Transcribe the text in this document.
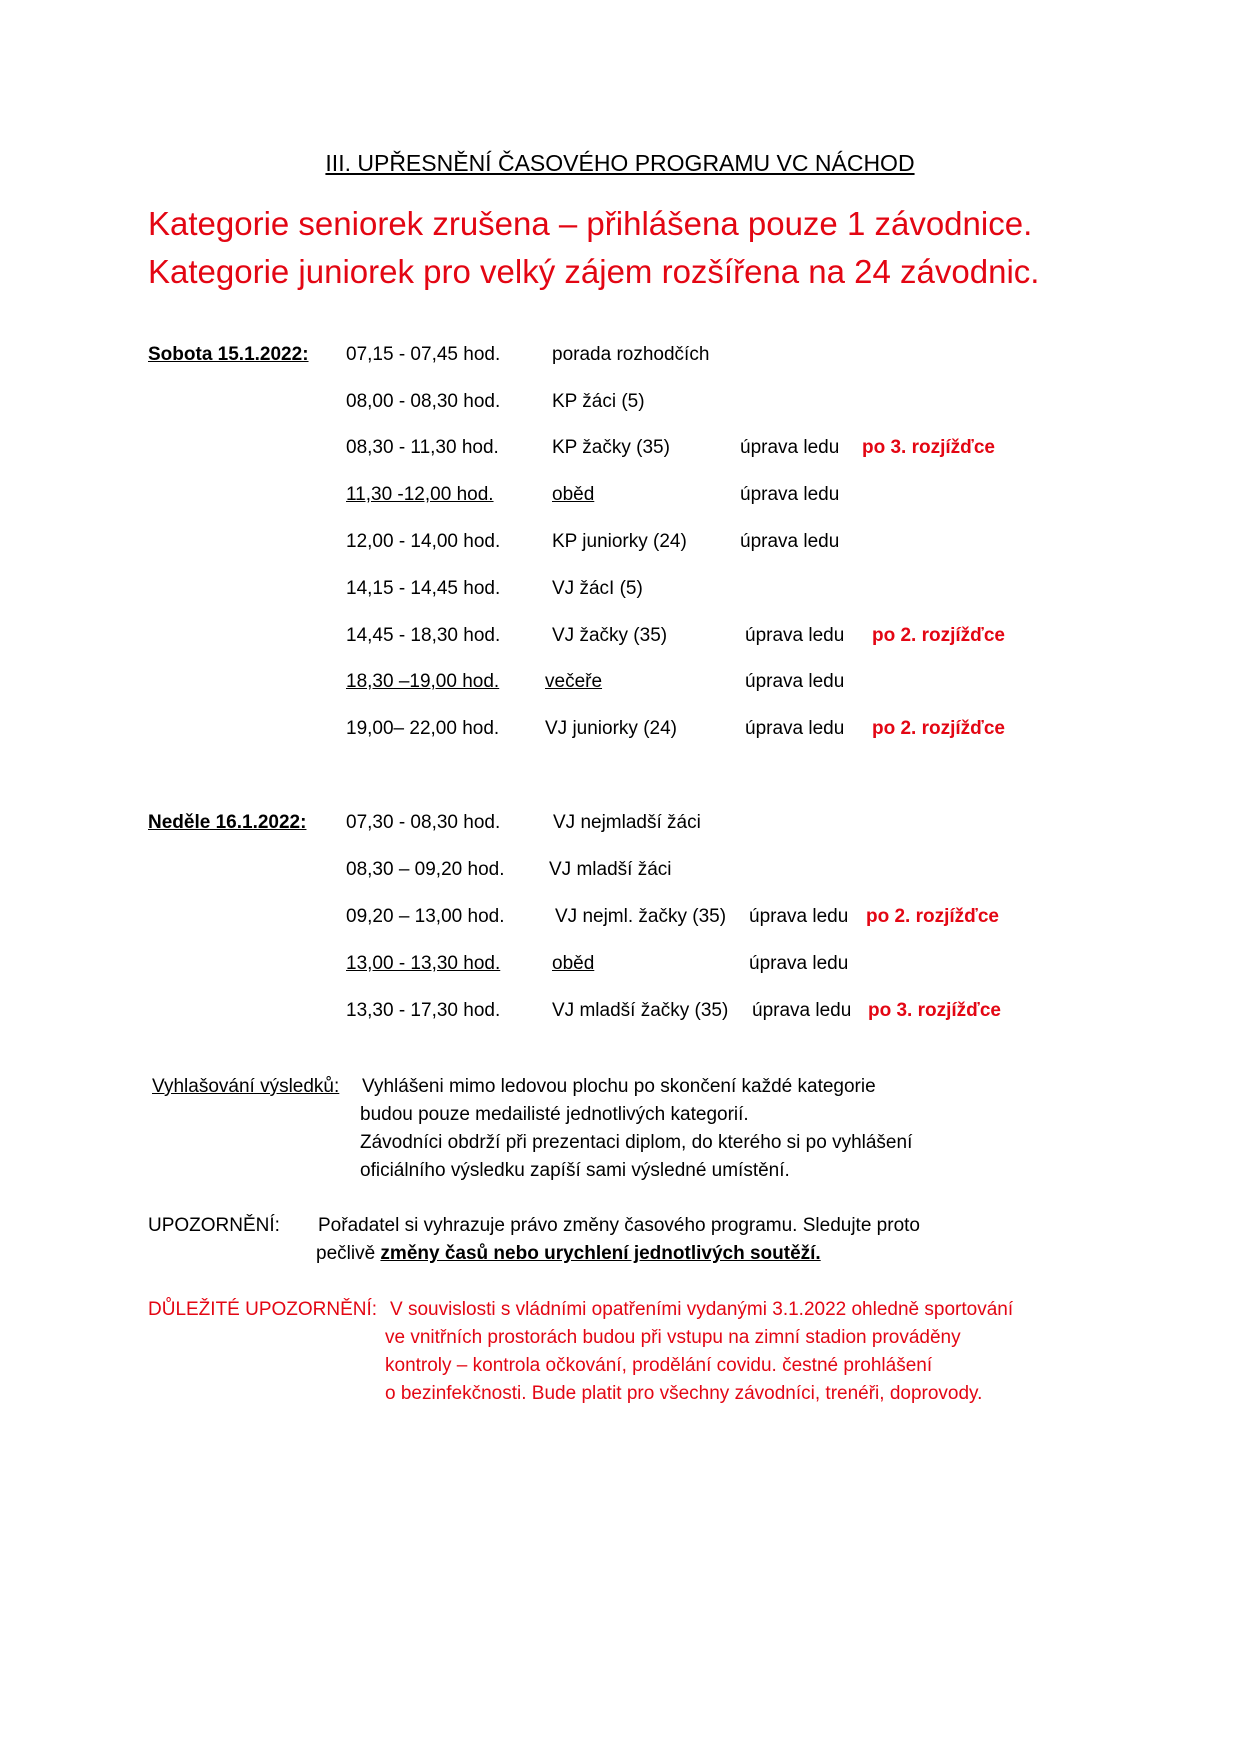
III. UPŘESNĚNÍ ČASOVÉHO PROGRAMU VC NÁCHOD
Kategorie seniorek zrušena – přihlášena pouze 1 závodnice.
Kategorie juniorek pro velký zájem rozšířena na 24 závodnic.
Sobota 15.1.2022: 07,15 - 07,45 hod.	porada rozhodčích
08,00 - 08,30 hod.	KP žáci (5)
08,30 - 11,30 hod.	KP žačky (35)	úprava ledu po 3. rozjížďce
11,30 -12,00 hod.	oběd	úprava ledu
12,00 - 14,00 hod.	KP juniorky (24)	úprava ledu
14,15 - 14,45 hod.	VJ žácI (5)
14,45 - 18,30 hod.	VJ žačky (35)	úprava ledu po 2. rozjížďce
18,30 –19,00 hod.	večeře	úprava ledu
19,00– 22,00 hod. VJ juniorky (24)	úprava ledu po 2. rozjížďce
Neděle 16.1.2022: 07,30 - 08,30 hod.	VJ nejmladší žáci
08,30 – 09,20 hod. VJ mladší žáci
09,20 – 13,00 hod.	VJ nejml. žačky (35) úprava ledu po 2. rozjížďce
13,00 - 13,30 hod.	oběd	úprava ledu
13,30 - 17,30 hod.	VJ mladší žačky (35) úprava ledu po 3. rozjížďce
Vyhlašování výsledků: Vyhlášeni mimo ledovou plochu po skončení každé kategorie
budou pouze medailisté jednotlivých kategorií.
Závodníci obdrží při prezentaci diplom, do kterého si po vyhlášení
oficiálního výsledku zapíší sami výsledné umístění.
UPOZORNĚNÍ: Pořadatel si vyhrazuje právo změny časového programu. Sledujte proto
pečlivě změny časů nebo urychlení jednotlivých soutěží.
DŮLEŽITÉ UPOZORNĚNÍ: V souvislosti s vládními opatřeními vydanými 3.1.2022 ohledně sportování
ve vnitřních prostorách budou při vstupu na zimní stadion prováděny
kontroly – kontrola očkování, prodělání covidu. čestné prohlášení
o bezinfekčnosti. Bude platit pro všechny závodníci, trenéři, doprovody.
